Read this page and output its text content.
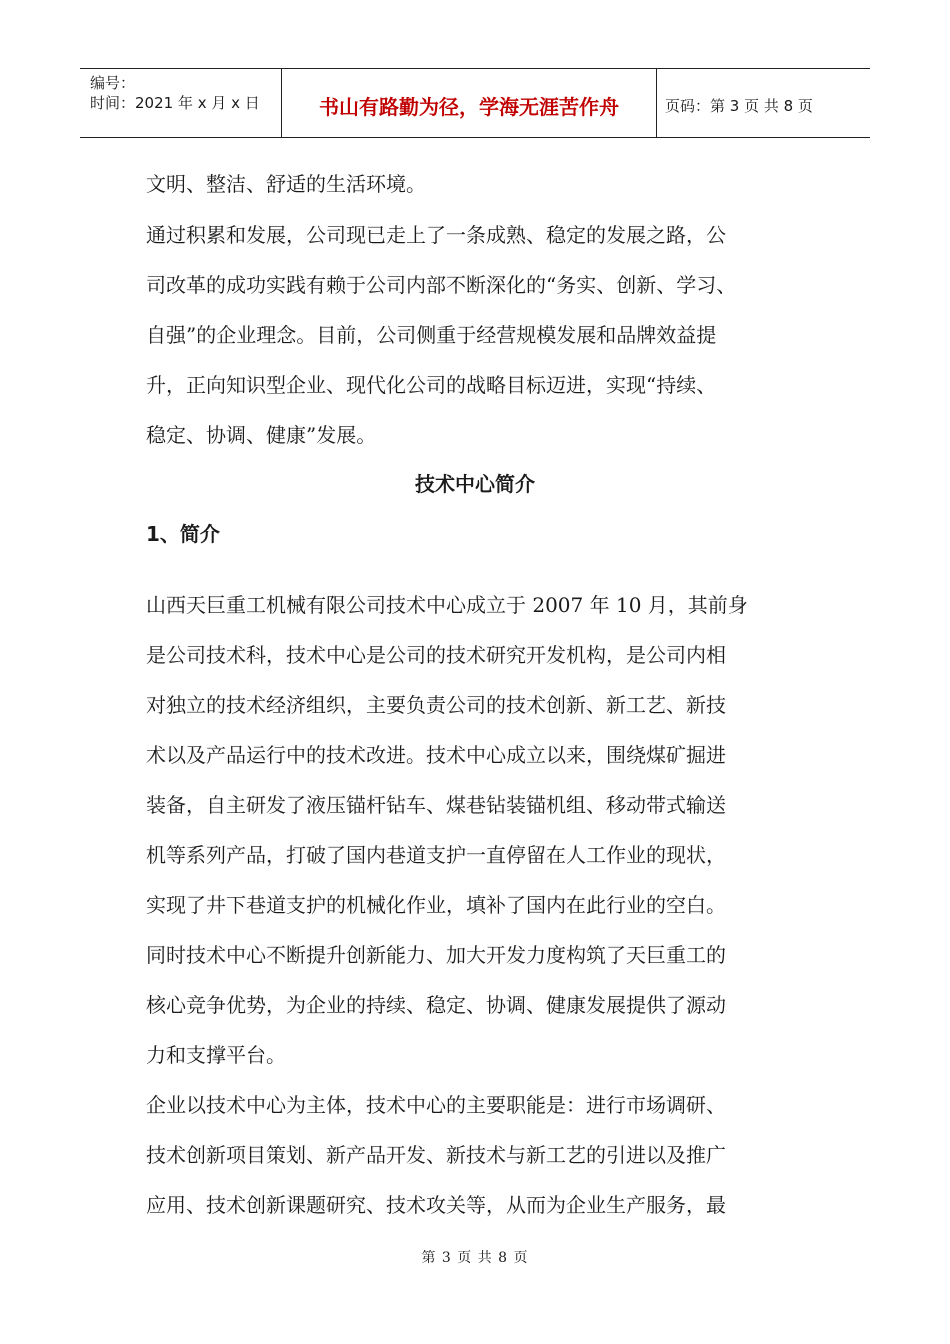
编号：
时间：2021 年 x 月 x 日	书山有路勤为径，学海无涯苦作舟	页码：第 3 页 共 8 页
文明、整洁、舒适的生活环境。
通过积累和发展，公司现已走上了一条成熟、稳定的发展之路，公
司改革的成功实践有赖于公司内部不断深化的“务实、创新、学习、
自强”的企业理念。目前，公司侧重于经营规模发展和品牌效益提
升，正向知识型企业、现代化公司的战略目标迈进，实现“持续、
稳定、协调、健康”发展。
技术中心简介
1、简介
山西天巨重工机械有限公司技术中心成立于 2007 年 10 月，其前身
是公司技术科，技术中心是公司的技术研究开发机构，是公司内相
对独立的技术经济组织，主要负责公司的技术创新、新工艺、新技
术以及产品运行中的技术改进。技术中心成立以来，围绕煤矿掘进
装备，自主研发了液压锚杆钻车、煤巷钻装锚机组、移动带式输送
机等系列产品，打破了国内巷道支护一直停留在人工作业的现状，
实现了井下巷道支护的机械化作业，填补了国内在此行业的空白。
同时技术中心不断提升创新能力、加大开发力度构筑了天巨重工的
核心竞争优势，为企业的持续、稳定、协调、健康发展提供了源动
力和支撑平台。
企业以技术中心为主体，技术中心的主要职能是：进行市场调研、
技术创新项目策划、新产品开发、新技术与新工艺的引进以及推广
应用、技术创新课题研究、技术攻关等，从而为企业生产服务，最
第 3 页 共 8 页
